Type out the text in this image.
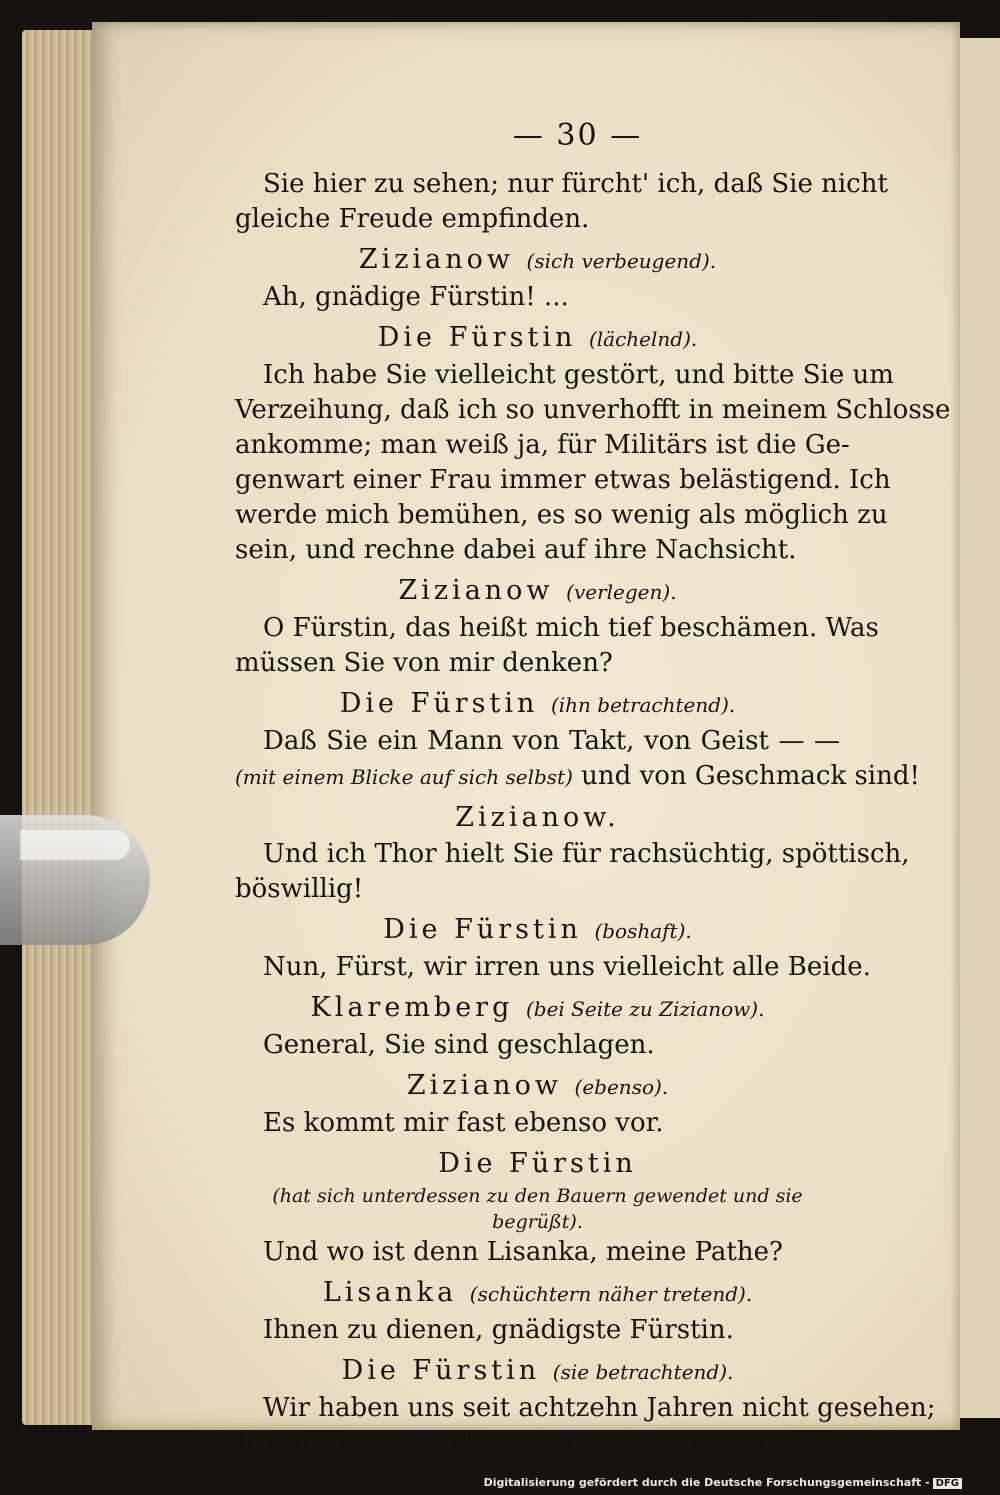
— 30 —
Sie hier zu sehen; nur fürcht' ich, daß Sie nicht
gleiche Freude empfinden.
Zizianow (sich verbeugend).
Ah, gnädige Fürstin! ...
Die Fürstin (lächelnd).
Ich habe Sie vielleicht gestört, und bitte Sie um
Verzeihung, daß ich so unverhofft in meinem Schlosse
ankomme; man weiß ja, für Militärs ist die Ge-
genwart einer Frau immer etwas belästigend. Ich
werde mich bemühen, es so wenig als möglich zu
sein, und rechne dabei auf ihre Nachsicht.
Zizianow (verlegen).
O Fürstin, das heißt mich tief beschämen. Was
müssen Sie von mir denken?
Die Fürstin (ihn betrachtend).
Daß Sie ein Mann von Takt, von Geist — —
(mit einem Blicke auf sich selbst) und von Geschmack sind!
Zizianow.
Und ich Thor hielt Sie für rachsüchtig, spöttisch,
böswillig!
Die Fürstin (boshaft).
Nun, Fürst, wir irren uns vielleicht alle Beide.
Klaremberg (bei Seite zu Zizianow).
General, Sie sind geschlagen.
Zizianow (ebenso).
Es kommt mir fast ebenso vor.
Die Fürstin
(hat sich unterdessen zu den Bauern gewendet und sie begrüßt).
Und wo ist denn Lisanka, meine Pathe?
Lisanka (schüchtern näher tretend).
Ihnen zu dienen, gnädigste Fürstin.
Die Fürstin (sie betrachtend).
Wir haben uns seit achtzehn Jahren nicht gesehen;
du wirst mich wohl nicht wieder erkennen.
Digitalisierung gefördert durch die Deutsche Forschungsgemeinschaft - DFG
